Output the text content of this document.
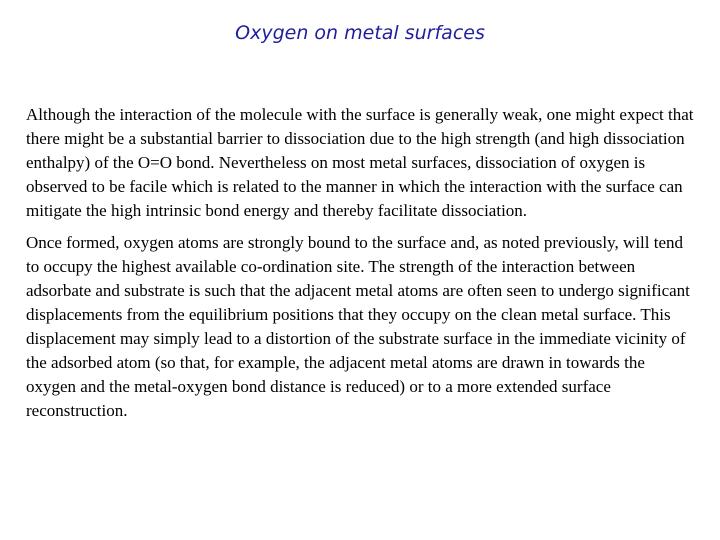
Oxygen on metal surfaces

Although the interaction of the molecule with the surface is generally weak, one might expect that there might be a substantial barrier to dissociation due to the high strength (and high dissociation enthalpy) of the O=O bond. Nevertheless on most metal surfaces, dissociation of oxygen is observed to be facile which is related to the manner in which the interaction with the surface can mitigate the high intrinsic bond energy and thereby facilitate dissociation.

Once formed, oxygen atoms are strongly bound to the surface and, as noted previously, will tend to occupy the highest available co-ordination site. The strength of the interaction between adsorbate and substrate is such that the adjacent metal atoms are often seen to undergo significant displacements from the equilibrium positions that they occupy on the clean metal surface. This displacement may simply lead to a distortion of the substrate surface in the immediate vicinity of the adsorbed atom (so that, for example, the adjacent metal atoms are drawn in towards the oxygen and the metal-oxygen bond distance is reduced) or to a more extended surface reconstruction.
